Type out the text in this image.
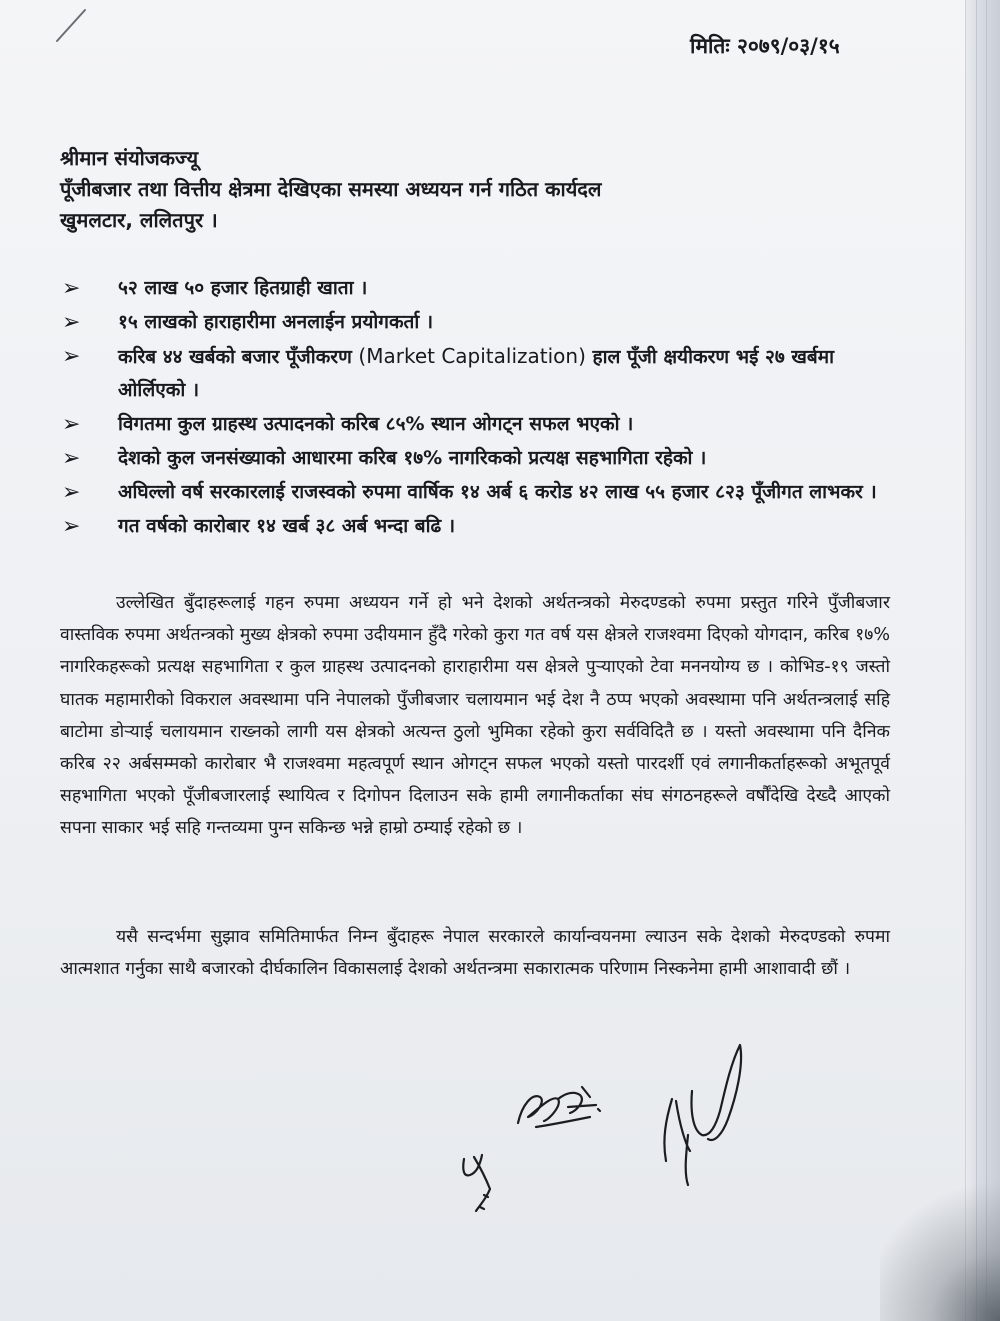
मितिः २०७९/०३/१५
श्रीमान संयोजकज्यू
पूँजीबजार तथा वित्तीय क्षेत्रमा देखिएका समस्या अध्ययन गर्न गठित कार्यदल
खुमलटार, ललितपुर ।
➢ ५२ लाख ५० हजार हितग्राही खाता ।
➢ १५ लाखको हाराहारीमा अनलाईन प्रयोगकर्ता ।
➢ करिब ४४ खर्बको बजार पूँजीकरण (Market Capitalization) हाल पूँजी क्षयीकरण भई २७ खर्बमा ओर्लिएको ।
➢ विगतमा कुल ग्राहस्थ उत्पादनको करिब ८५% स्थान ओगट्न सफल भएको ।
➢ देशको कुल जनसंख्याको आधारमा करिब १७% नागरिकको प्रत्यक्ष सहभागिता रहेको ।
➢ अघिल्लो वर्ष सरकारलाई राजस्वको रुपमा वार्षिक १४ अर्ब ६ करोड ४२ लाख ५५ हजार ८२३ पूँजीगत लाभकर ।
➢ गत वर्षको कारोबार १४ खर्ब ३८ अर्ब भन्दा बढि ।

उल्लेखित बुँदाहरूलाई गहन रुपमा अध्ययन गर्ने हो भने देशको अर्थतन्त्रको मेरुदण्डको रुपमा प्रस्तुत गरिने पुँजीबजार वास्तविक रुपमा अर्थतन्त्रको मुख्य क्षेत्रको रुपमा उदीयमान हुँदै गरेको कुरा गत वर्ष यस क्षेत्रले राजश्वमा दिएको योगदान, करिब १७% नागरिकहरूको प्रत्यक्ष सहभागिता र कुल ग्राहस्थ उत्पादनको हाराहारीमा यस क्षेत्रले पुऱ्याएको टेवा मननयोग्य छ । कोभिड-१९ जस्तो घातक महामारीको विकराल अवस्थामा पनि नेपालको पुँजीबजार चलायमान भई देश नै ठप्प भएको अवस्थामा पनि अर्थतन्त्रलाई सहि बाटोमा डोऱ्याई चलायमान राख्नको लागी यस क्षेत्रको अत्यन्त ठुलो भुमिका रहेको कुरा सर्वविदितै छ । यस्तो अवस्थामा पनि दैनिक करिब २२ अर्बसम्मको कारोबार भै राजश्वमा महत्वपूर्ण स्थान ओगट्न सफल भएको यस्तो पारदर्शी एवं लगानीकर्ताहरूको अभूतपूर्व सहभागिता भएको पूँजीबजारलाई स्थायित्व र दिगोपन दिलाउन सके हामी लगानीकर्ताका संघ संगठनहरूले वर्षौंदेखि देख्दै आएको सपना साकार भई सहि गन्तव्यमा पुग्न सकिन्छ भन्ने हाम्रो ठम्याई रहेको छ ।

यसै सन्दर्भमा सुझाव समितिमार्फत निम्न बुँदाहरू नेपाल सरकारले कार्यान्वयनमा ल्याउन सके देशको मेरुदण्डको रुपमा आत्मशात गर्नुका साथै बजारको दीर्घकालिन विकासलाई देशको अर्थतन्त्रमा सकारात्मक परिणाम निस्कनेमा हामी आशावादी छौं ।
